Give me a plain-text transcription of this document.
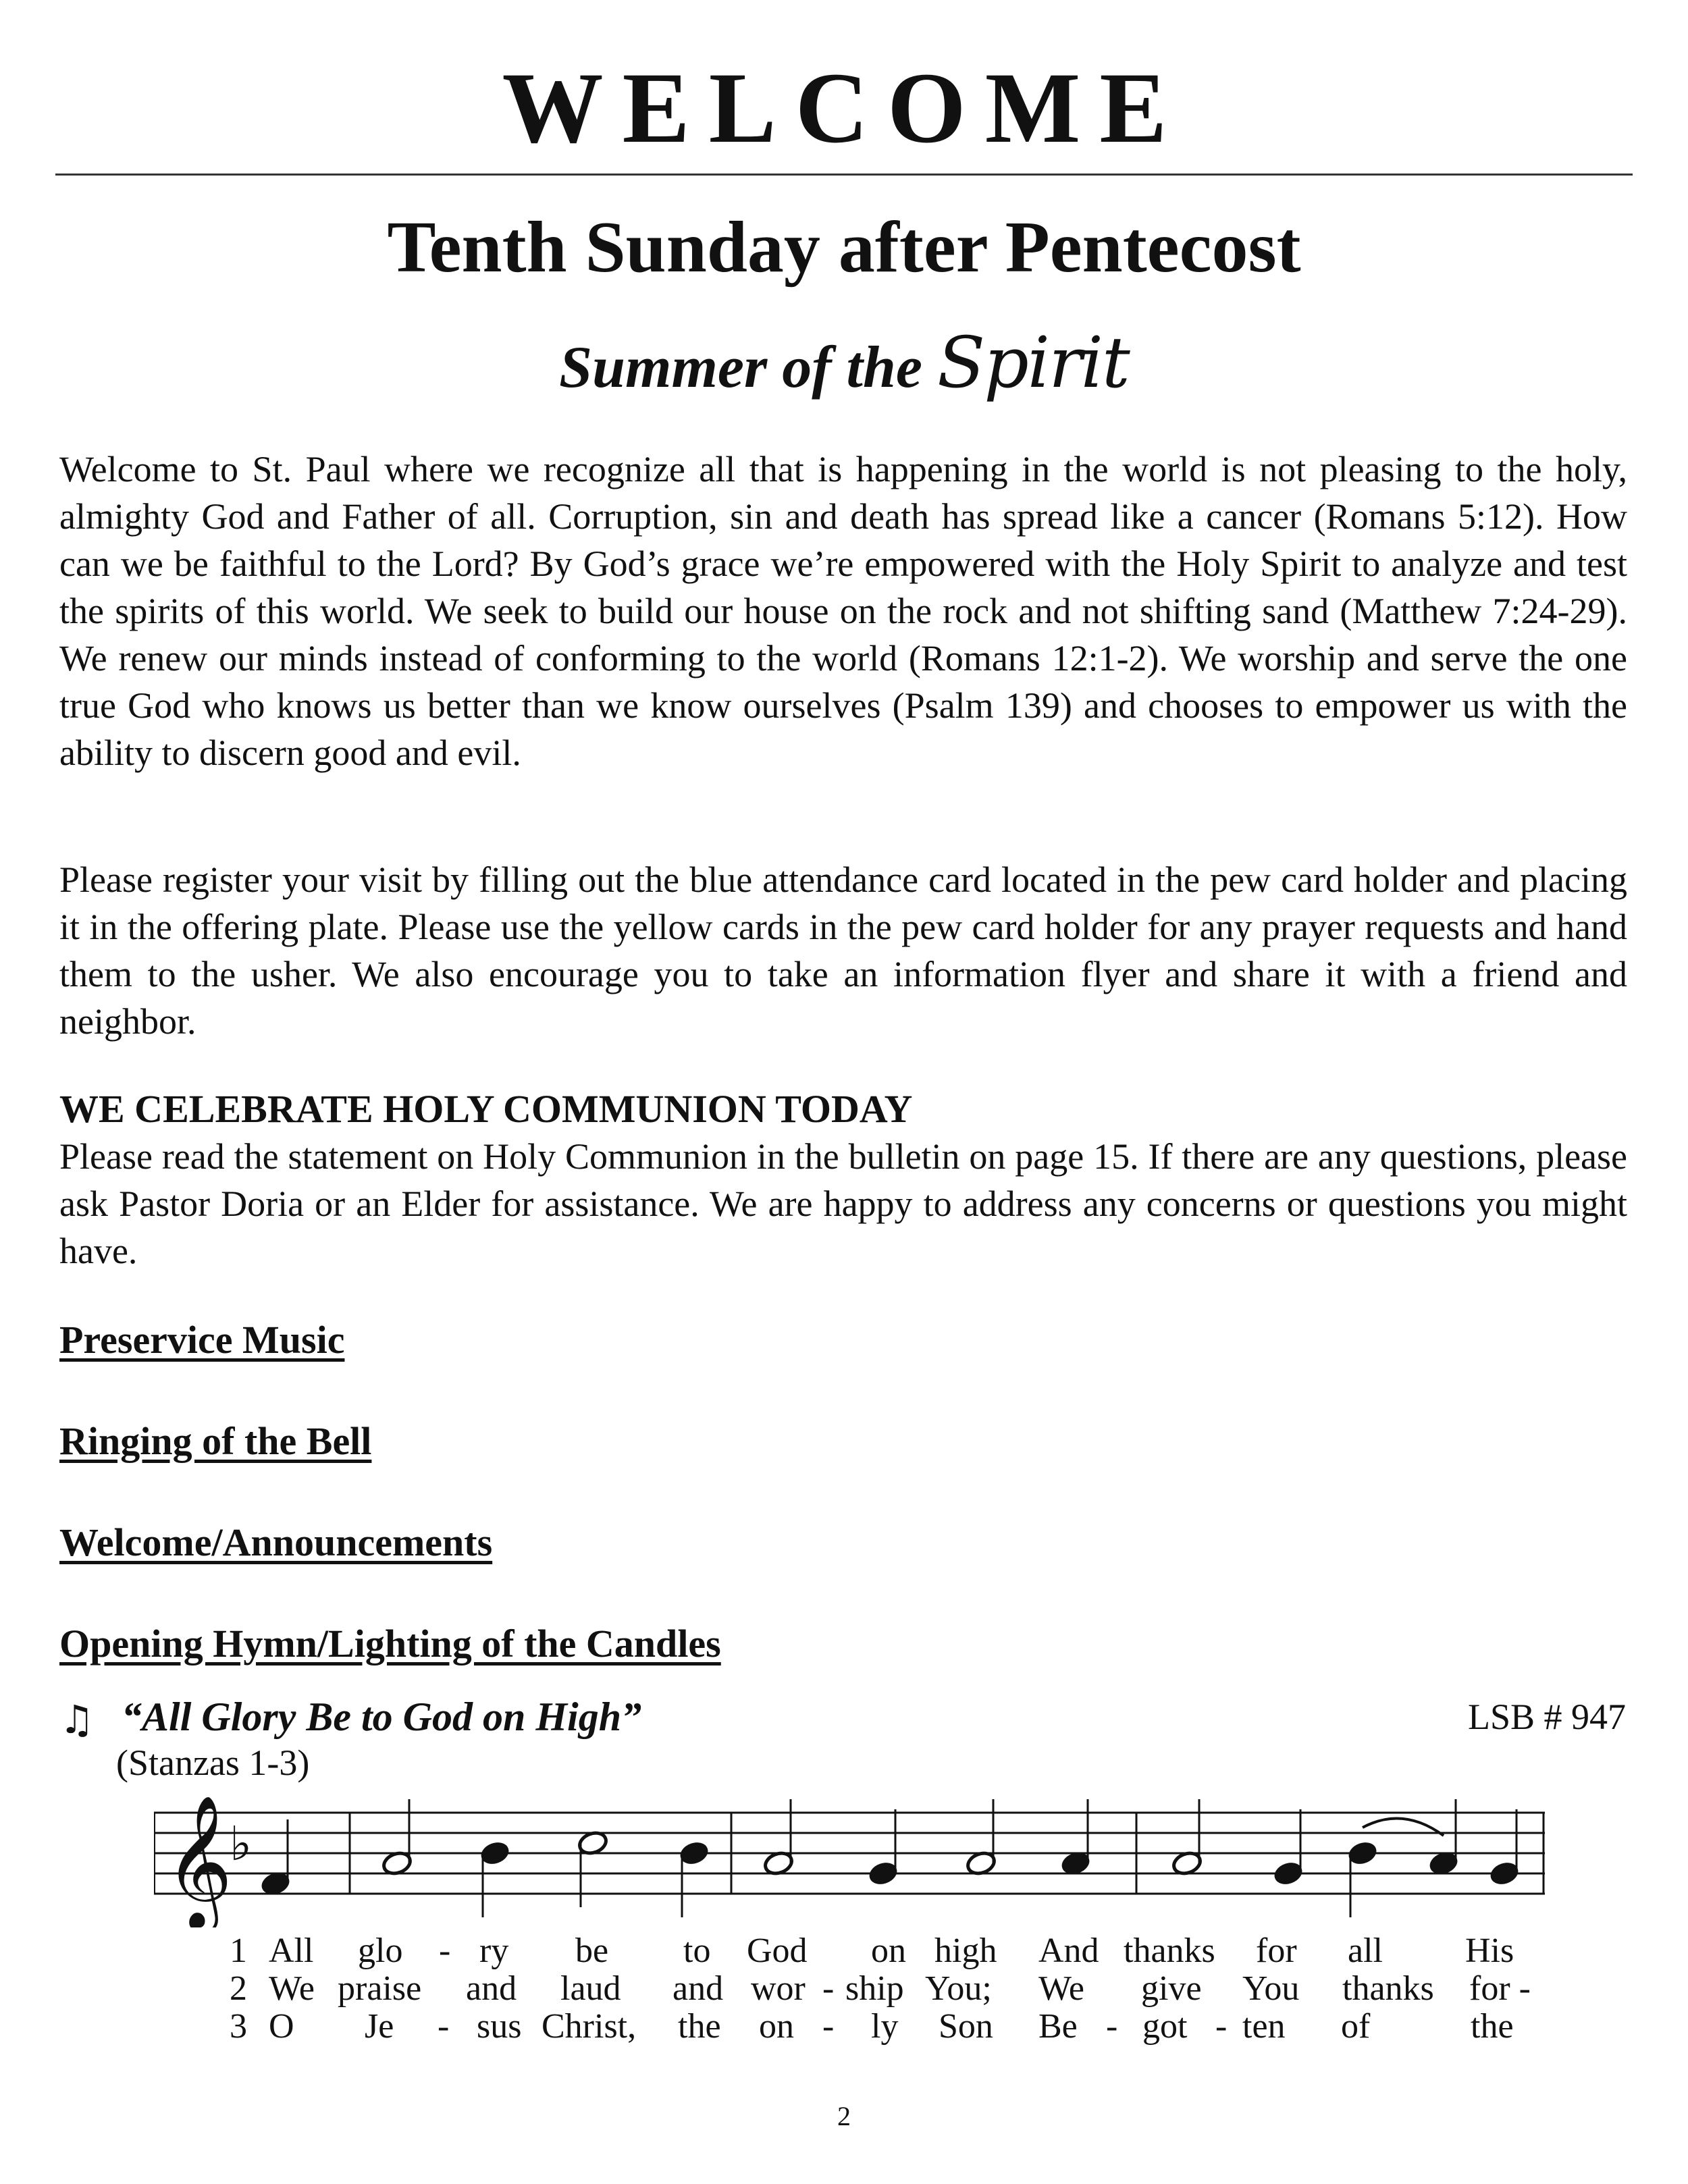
WELCOME
Tenth Sunday after Pentecost
Summer of the Spirit

Welcome to St. Paul where we recognize all that is happening in the world is not pleasing to the holy, almighty God and Father of all. Corruption, sin and death has spread like a cancer (Romans 5:12). How can we be faithful to the Lord? By God’s grace we’re empowered with the Holy Spirit to analyze and test the spirits of this world. We seek to build our house on the rock and not shifting sand (Matthew 7:24-29). We renew our minds instead of conforming to the world (Romans 12:1-2). We worship and serve the one true God who knows us better than we know ourselves (Psalm 139) and chooses to empower us with the ability to discern good and evil.

Please register your visit by filling out the blue attendance card located in the pew card holder and placing it in the offering plate. Please use the yellow cards in the pew card holder for any prayer requests and hand them to the usher. We also encourage you to take an information flyer and share it with a friend and neighbor.

WE CELEBRATE HOLY COMMUNION TODAY

Please read the statement on Holy Communion in the bulletin on page 15. If there are any questions, please ask Pastor Doria or an Elder for assistance. We are happy to address any concerns or questions you might have.

Preservice Music
Ringing of the Bell
Welcome/Announcements
Opening Hymn/Lighting of the Candles
♫ “All Glory Be to God on High”	LSB # 947
(Stanzas 1-3)
𝄞
♭
1 All glo - ry be to God on high And thanks for all His
2 We praise and laud and wor - ship You; We give You thanks for -
3 O Je - sus Christ, the on - ly Son Be - got - ten of	the
2
